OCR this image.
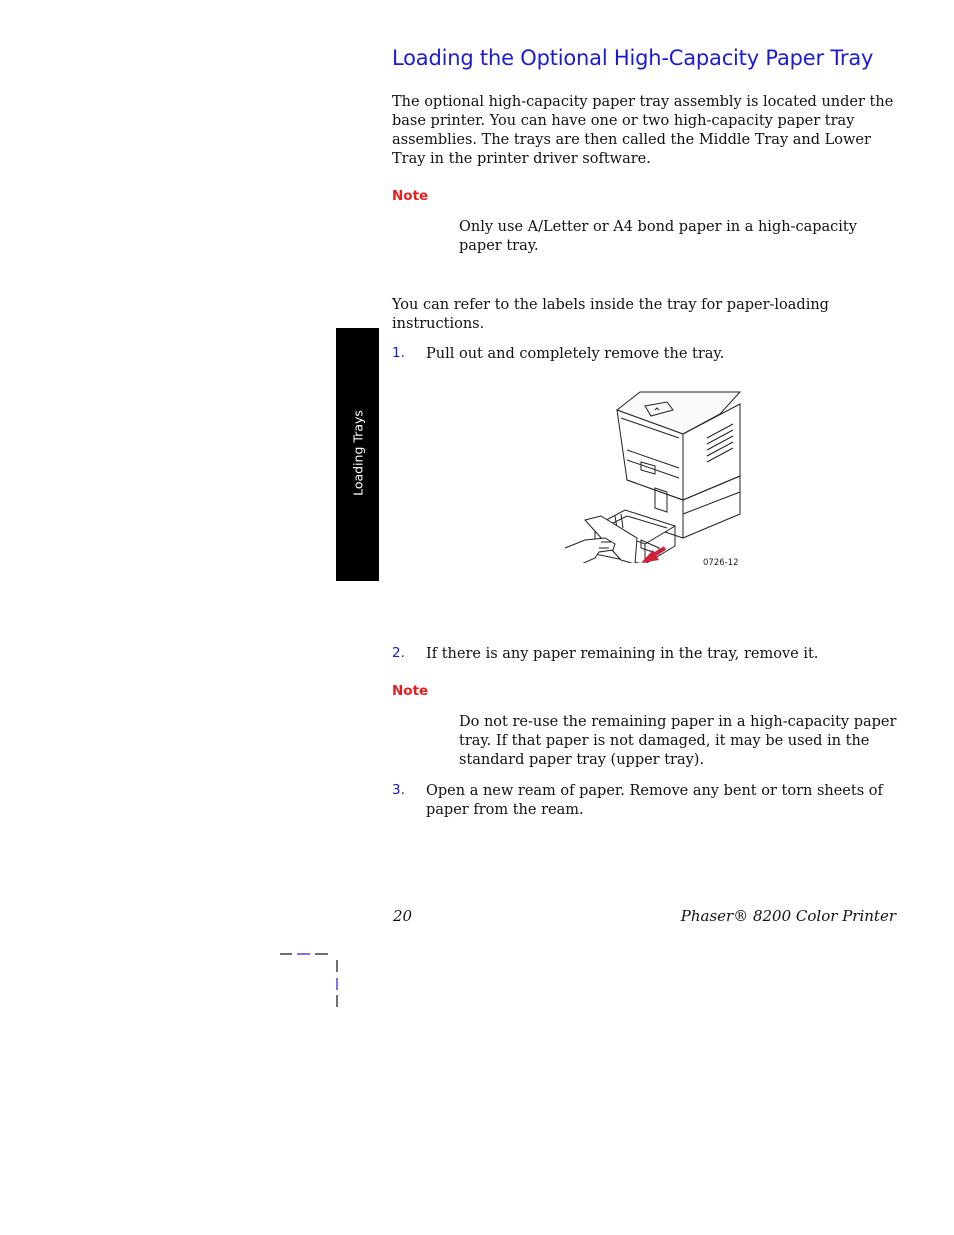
Loading the Optional High-Capacity Paper Tray

The optional high-capacity paper tray assembly is located under the base printer. You can have one or two high-capacity paper tray assemblies. The trays are then called the Middle Tray and Lower Tray in the printer driver software.

Note

Only use A/Letter or A4 bond paper in a high-capacity paper tray.

You can refer to the labels inside the tray for paper-loading instructions.

1. Pull out and completely remove the tray.

Loading Trays
0726-12
2. If there is any paper remaining in the tray, remove it.

Note

Do not re-use the remaining paper in a high-capacity paper tray. If that paper is not damaged, it may be used in the standard paper tray (upper tray).

3. Open a new ream of paper. Remove any bent or torn sheets of paper from the ream.

20	Phaser® 8200 Color Printer
